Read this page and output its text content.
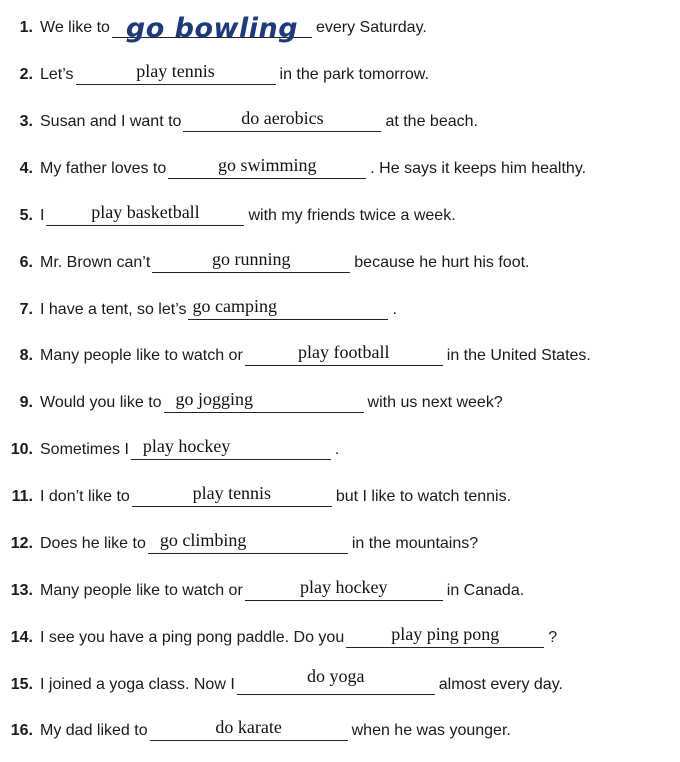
1. We like to go bowling	every Saturday.
2. Let’s	play tennis	in the park tomorrow.
3. Susan and I want to	do aerobics	at the beach.
4. My father loves to	go swimming	. He says it keeps him healthy.
5. I	play basketball	with my friends twice a week.
6. Mr. Brown can’t	go running	because he hurt his foot.
7. I have a tent, so let’s go camping	.
8. Many people like to watch or	play football	in the United States.
9. Would you like to go jogging	with us next week?
10. Sometimes I play hockey	.
11. I don’t like to	play tennis	but I like to watch tennis.
12. Does he like to go climbing	in the mountains?
13. Many people like to watch or	play hockey	in Canada.
14. I see you have a ping pong paddle. Do you	play ping pong	?
15. I joined a yoga class. Now I	do yoga	almost every day.
16. My dad liked to	do karate	when he was younger.
